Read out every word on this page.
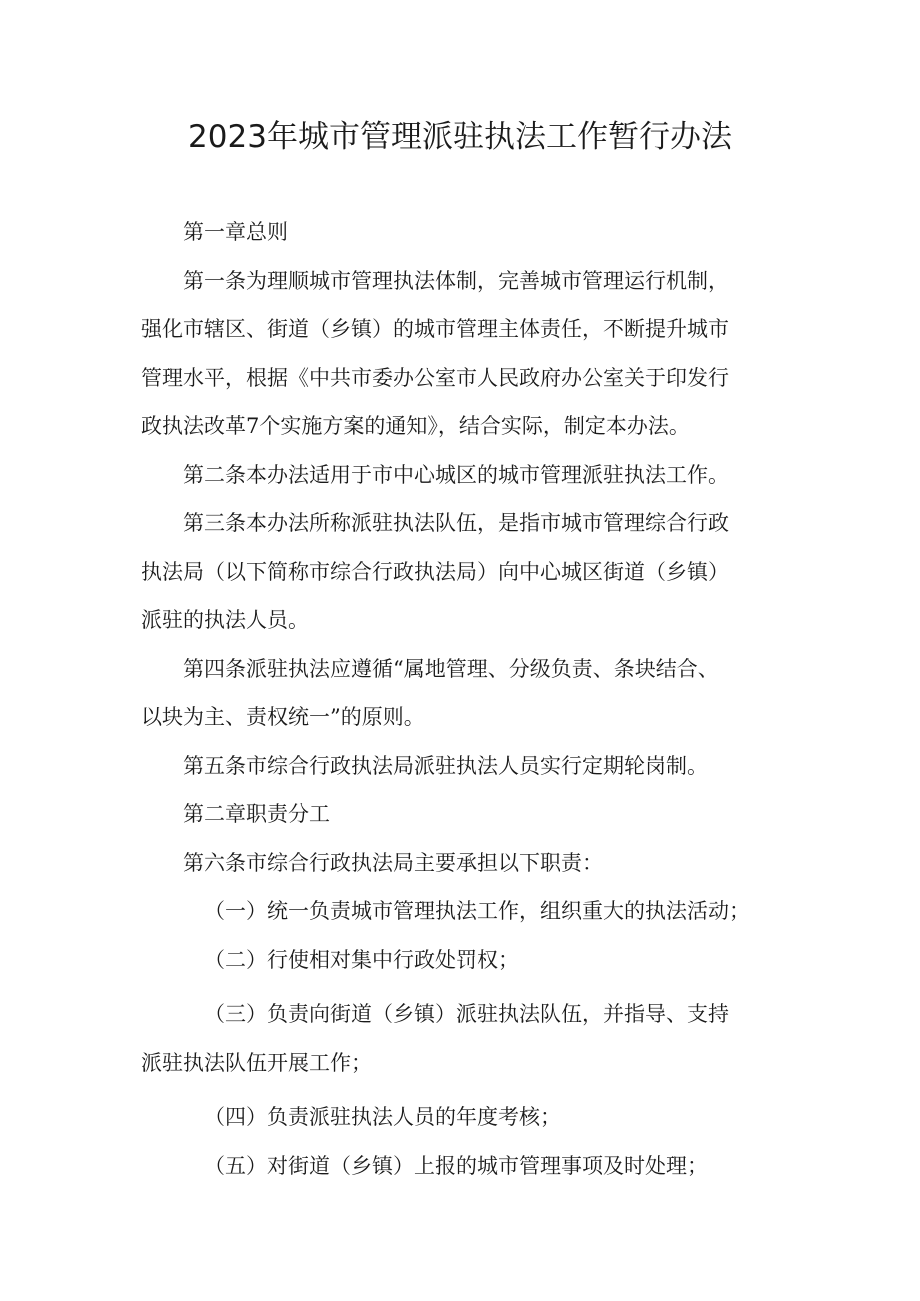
2023年城市管理派驻执法工作暂行办法

第一章总则

第一条为理顺城市管理执法体制，完善城市管理运行机制，
强化市辖区、街道（乡镇）的城市管理主体责任，不断提升城市
管理水平，根据《中共市委办公室市人民政府办公室关于印发行
政执法改革7个实施方案的通知》，结合实际，制定本办法。

第二条本办法适用于市中心城区的城市管理派驻执法工作。

第三条本办法所称派驻执法队伍，是指市城市管理综合行政
执法局（以下简称市综合行政执法局）向中心城区街道（乡镇）
派驻的执法人员。

第四条派驻执法应遵循“属地管理、分级负责、条块结合、
以块为主、责权统一”的原则。

第五条市综合行政执法局派驻执法人员实行定期轮岗制。

第二章职责分工

第六条市综合行政执法局主要承担以下职责：

（一）统一负责城市管理执法工作，组织重大的执法活动；

（二）行使相对集中行政处罚权；

（三）负责向街道（乡镇）派驻执法队伍，并指导、支持
派驻执法队伍开展工作；

（四）负责派驻执法人员的年度考核；

（五）对街道（乡镇）上报的城市管理事项及时处理；
